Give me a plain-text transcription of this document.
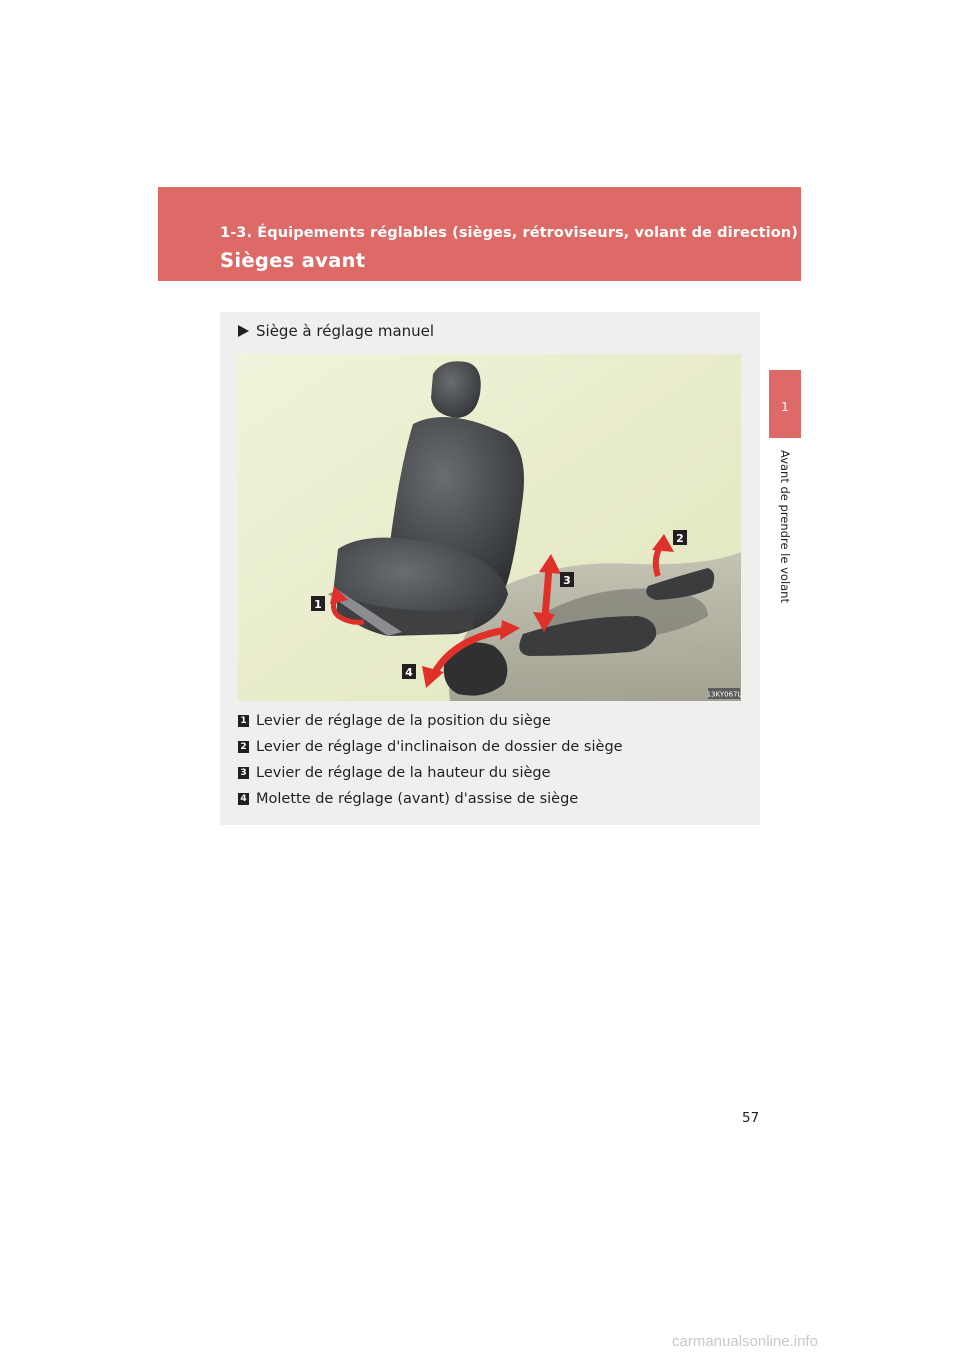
1-3. Équipements réglables (sièges, rétroviseurs, volant de direction)
Sièges avant
1
Avant de prendre le volant
Siège à réglage manuel
1
2
3
4
13KY067L
1 Levier de réglage de la position du siège
2 Levier de réglage d'inclinaison de dossier de siège
3 Levier de réglage de la hauteur du siège
4 Molette de réglage (avant) d'assise de siège
57
carmanualsonline.info
